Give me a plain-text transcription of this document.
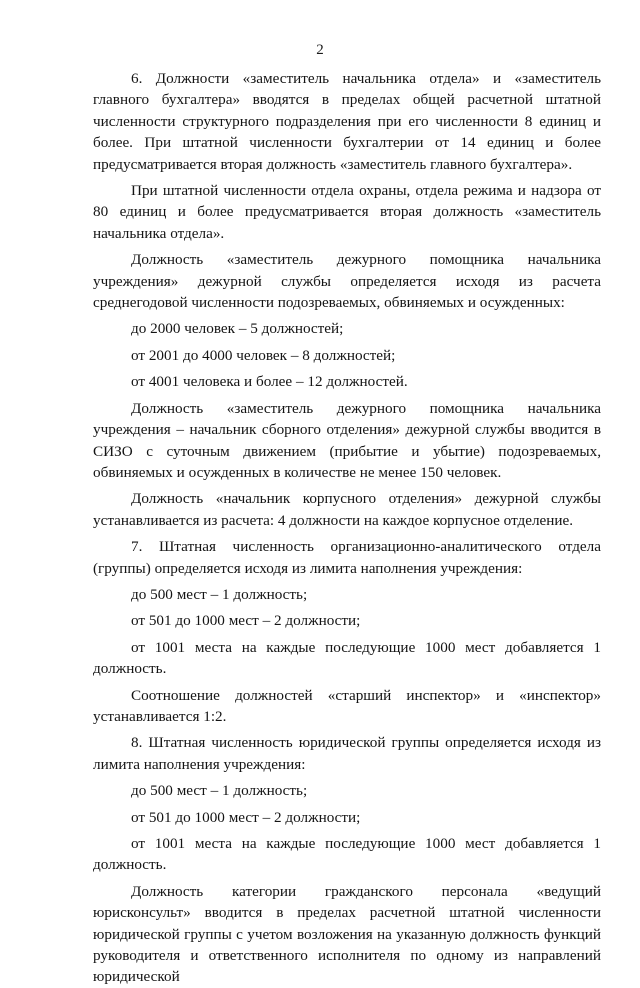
2

6. Должности «заместитель начальника отдела» и «заместитель главного бухгалтера» вводятся в пределах общей расчетной штатной численности структурного подразделения при его численности 8 единиц и более. При штатной численности бухгалтерии от 14 единиц и более предусматривается вторая должность «заместитель главного бухгалтера».

При штатной численности отдела охраны, отдела режима и надзора от 80 единиц и более предусматривается вторая должность «заместитель начальника отдела».

Должность «заместитель дежурного помощника начальника учреждения» дежурной службы определяется исходя из расчета среднегодовой численности подозреваемых, обвиняемых и осужденных:

до 2000 человек – 5 должностей;

от 2001 до 4000 человек – 8 должностей;

от 4001 человека и более – 12 должностей.

Должность «заместитель дежурного помощника начальника учреждения – начальник сборного отделения» дежурной службы вводится в СИЗО с суточным движением (прибытие и убытие) подозреваемых, обвиняемых и осужденных в количестве не менее 150 человек.

Должность «начальник корпусного отделения» дежурной службы устанавливается из расчета: 4 должности на каждое корпусное отделение.

7. Штатная численность организационно-аналитического отдела (группы) определяется исходя из лимита наполнения учреждения:

до 500 мест – 1 должность;

от 501 до 1000 мест – 2 должности;

от 1001 места на каждые последующие 1000 мест добавляется 1 должность.

Соотношение должностей «старший инспектор» и «инспектор» устанавливается 1:2.

8. Штатная численность юридической группы определяется исходя из лимита наполнения учреждения:

до 500 мест – 1 должность;

от 501 до 1000 мест – 2 должности;

от 1001 места на каждые последующие 1000 мест добавляется 1 должность.

Должность категории гражданского персонала «ведущий юрисконсульт» вводится в пределах расчетной штатной численности юридической группы с учетом возложения на указанную должность функций руководителя и ответственного исполнителя по одному из направлений юридической
